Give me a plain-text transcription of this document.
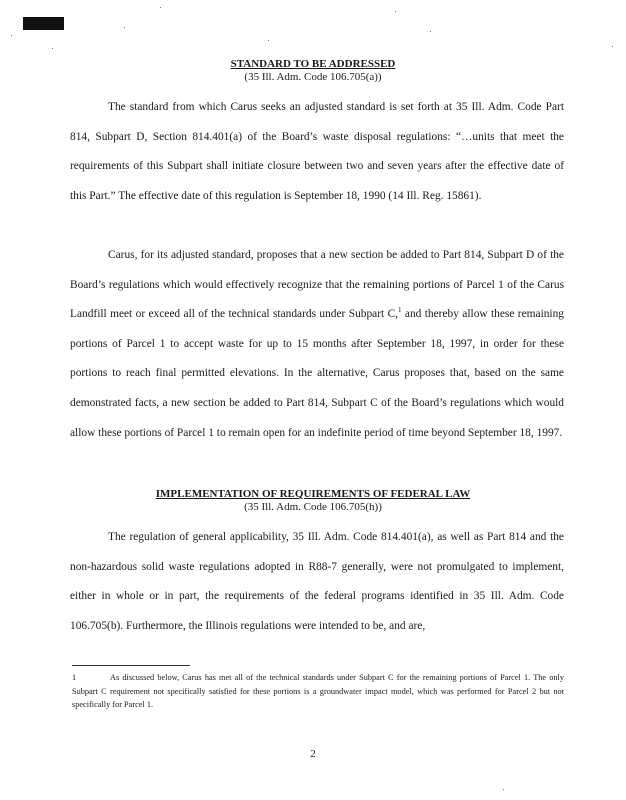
STANDARD TO BE ADDRESSED
(35 Ill. Adm. Code 106.705(a))

The standard from which Carus seeks an adjusted standard is set forth at 35 Ill. Adm. Code Part 814, Subpart D, Section 814.401(a) of the Board’s waste disposal regulations: “…units that meet the requirements of this Subpart shall initiate closure between two and seven years after the effective date of this Part.” The effective date of this regulation is September 18, 1990 (14 Ill. Reg. 15861).

Carus, for its adjusted standard, proposes that a new section be added to Part 814, Subpart D of the Board’s regulations which would effectively recognize that the remaining portions of Parcel 1 of the Carus Landfill meet or exceed all of the technical standards under Subpart C,$^1$ and thereby allow these remaining portions of Parcel 1 to accept waste for up to 15 months after September 18, 1997, in order for these portions to reach final permitted elevations. In the alternative, Carus proposes that, based on the same demonstrated facts, a new section be added to Part 814, Subpart C of the Board’s regulations which would allow these portions of Parcel 1 to remain open for an indefinite period of time beyond September 18, 1997.

IMPLEMENTATION OF REQUIREMENTS OF FEDERAL LAW
(35 Ill. Adm. Code 106.705(h))

The regulation of general applicability, 35 Ill. Adm. Code 814.401(a), as well as Part 814 and the non-hazardous solid waste regulations adopted in R88-7 generally, were not promulgated to implement, either in whole or in part, the requirements of the federal programs identified in 35 Ill. Adm. Code 106.705(b). Furthermore, the Illinois regulations were intended to be, and are,

1	As discussed below, Carus has met all of the technical standards under Subpart C for the remaining portions of Parcel 1. The only Subpart C requirement not specifically satisfied for these portions is a groundwater impact model, which was performed for Parcel 2 but not specifically for Parcel 1.

2
